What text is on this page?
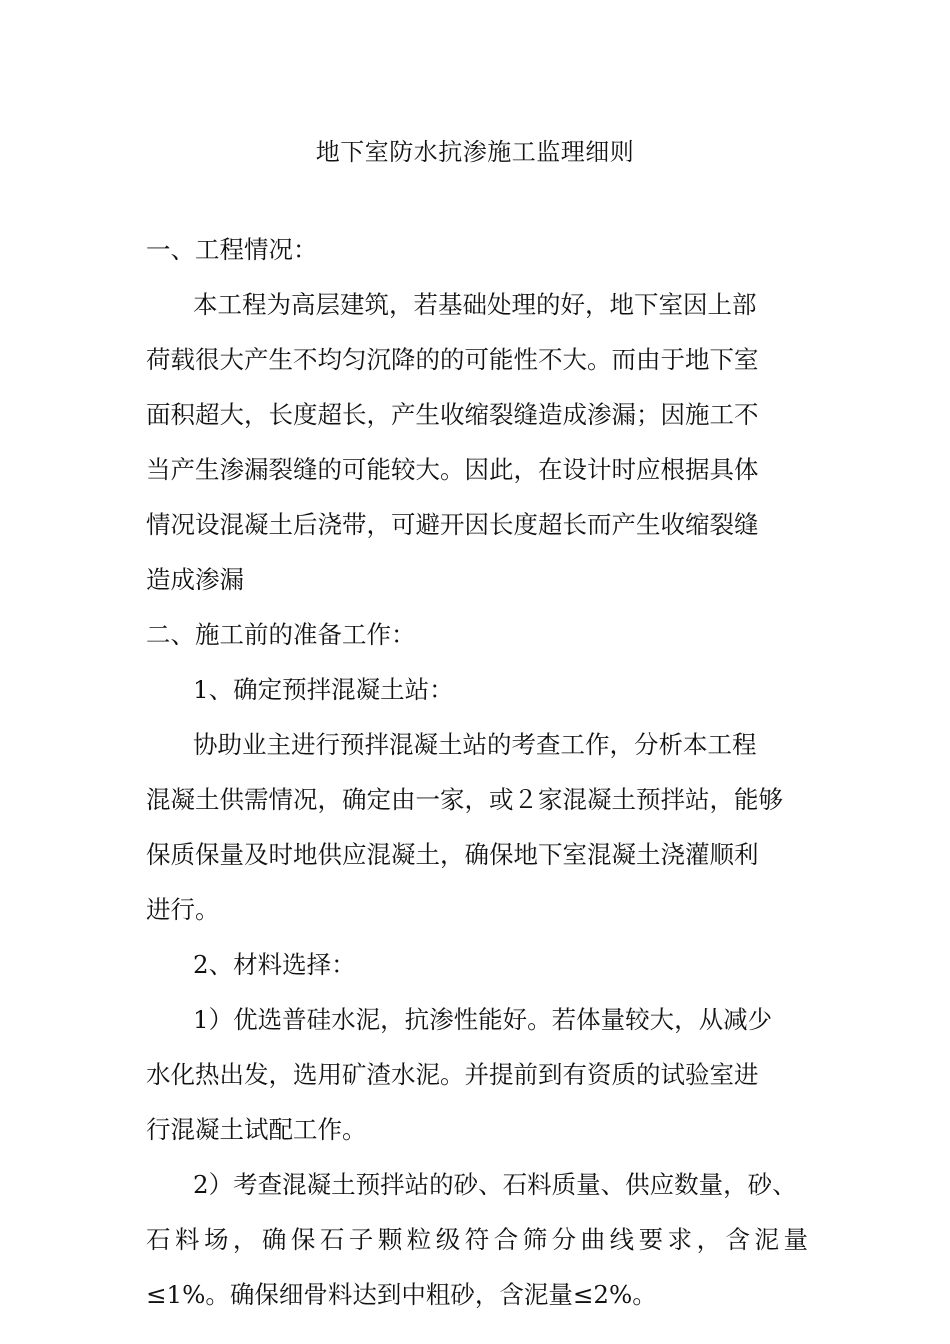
地下室防水抗渗施工监理细则
一、工程情况：
本工程为高层建筑，若基础处理的好，地下室因上部
荷载很大产生不均匀沉降的的可能性不大。而由于地下室
面积超大，长度超长，产生收缩裂缝造成渗漏；因施工不
当产生渗漏裂缝的可能较大。因此，在设计时应根据具体
情况设混凝土后浇带，可避开因长度超长而产生收缩裂缝
造成渗漏
二、施工前的准备工作：
1、确定预拌混凝土站：
协助业主进行预拌混凝土站的考查工作，分析本工程
混凝土供需情况，确定由一家，或２家混凝土预拌站，能够
保质保量及时地供应混凝土，确保地下室混凝土浇灌顺利
进行。
2、材料选择：
1）优选普硅水泥，抗渗性能好。若体量较大，从减少
水化热出发，选用矿渣水泥。并提前到有资质的试验室进
行混凝土试配工作。
2）考查混凝土预拌站的砂、石料质量、供应数量，砂、
石料场，确保石子颗粒级符合筛分曲线要求，含泥量
≤1%。确保细骨料达到中粗砂，含泥量≤2%。
